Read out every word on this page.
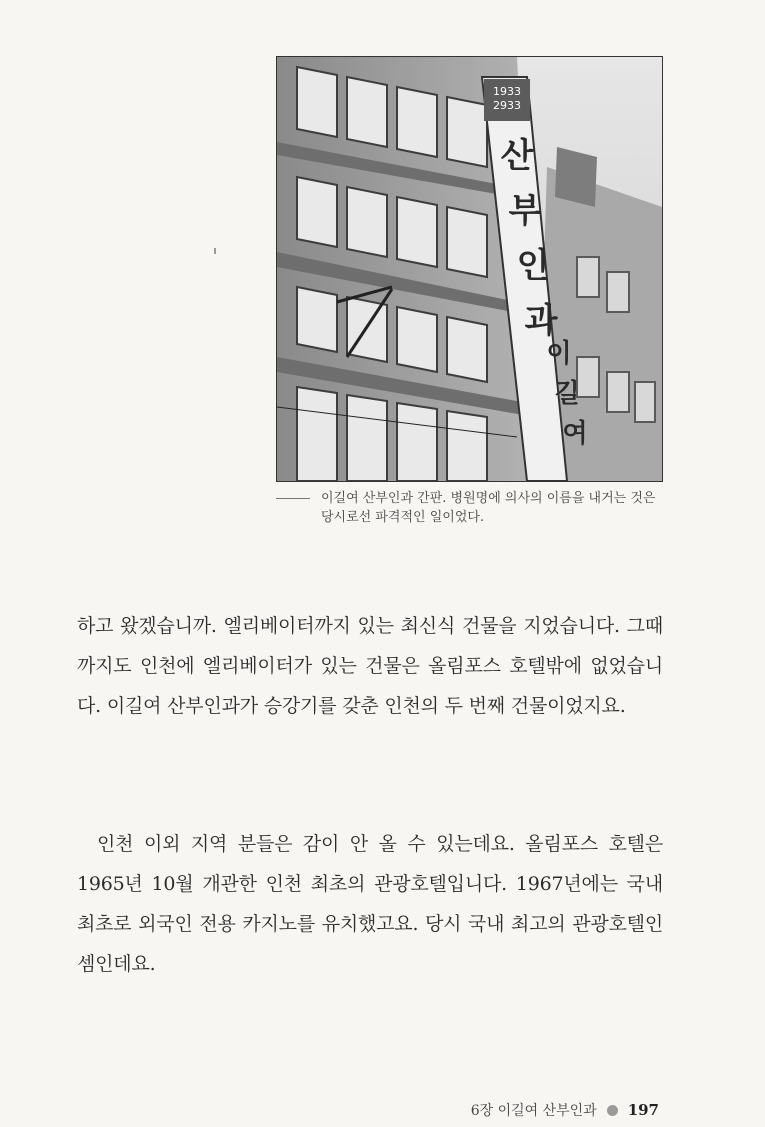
1933
2933
산
부
인
과
이
길
여
이길여 산부인과 간판. 병원명에 의사의 이름을 내거는 것은 당시로선 파격적인 일이었다.
하고 왔겠습니까. 엘리베이터까지 있는 최신식 건물을 지었습니다. 그때까지도 인천에 엘리베이터가 있는 건물은 올림포스 호텔밖에 없었습니다. 이길여 산부인과가 승강기를 갖춘 인천의 두 번째 건물이었지요.
인천 이외 지역 분들은 감이 안 올 수 있는데요. 올림포스 호텔은 1965년 10월 개관한 인천 최초의 관광호텔입니다. 1967년에는 국내 최초로 외국인 전용 카지노를 유치했고요. 당시 국내 최고의 관광호텔인 셈인데요.
6장 이길여 산부인과 197
